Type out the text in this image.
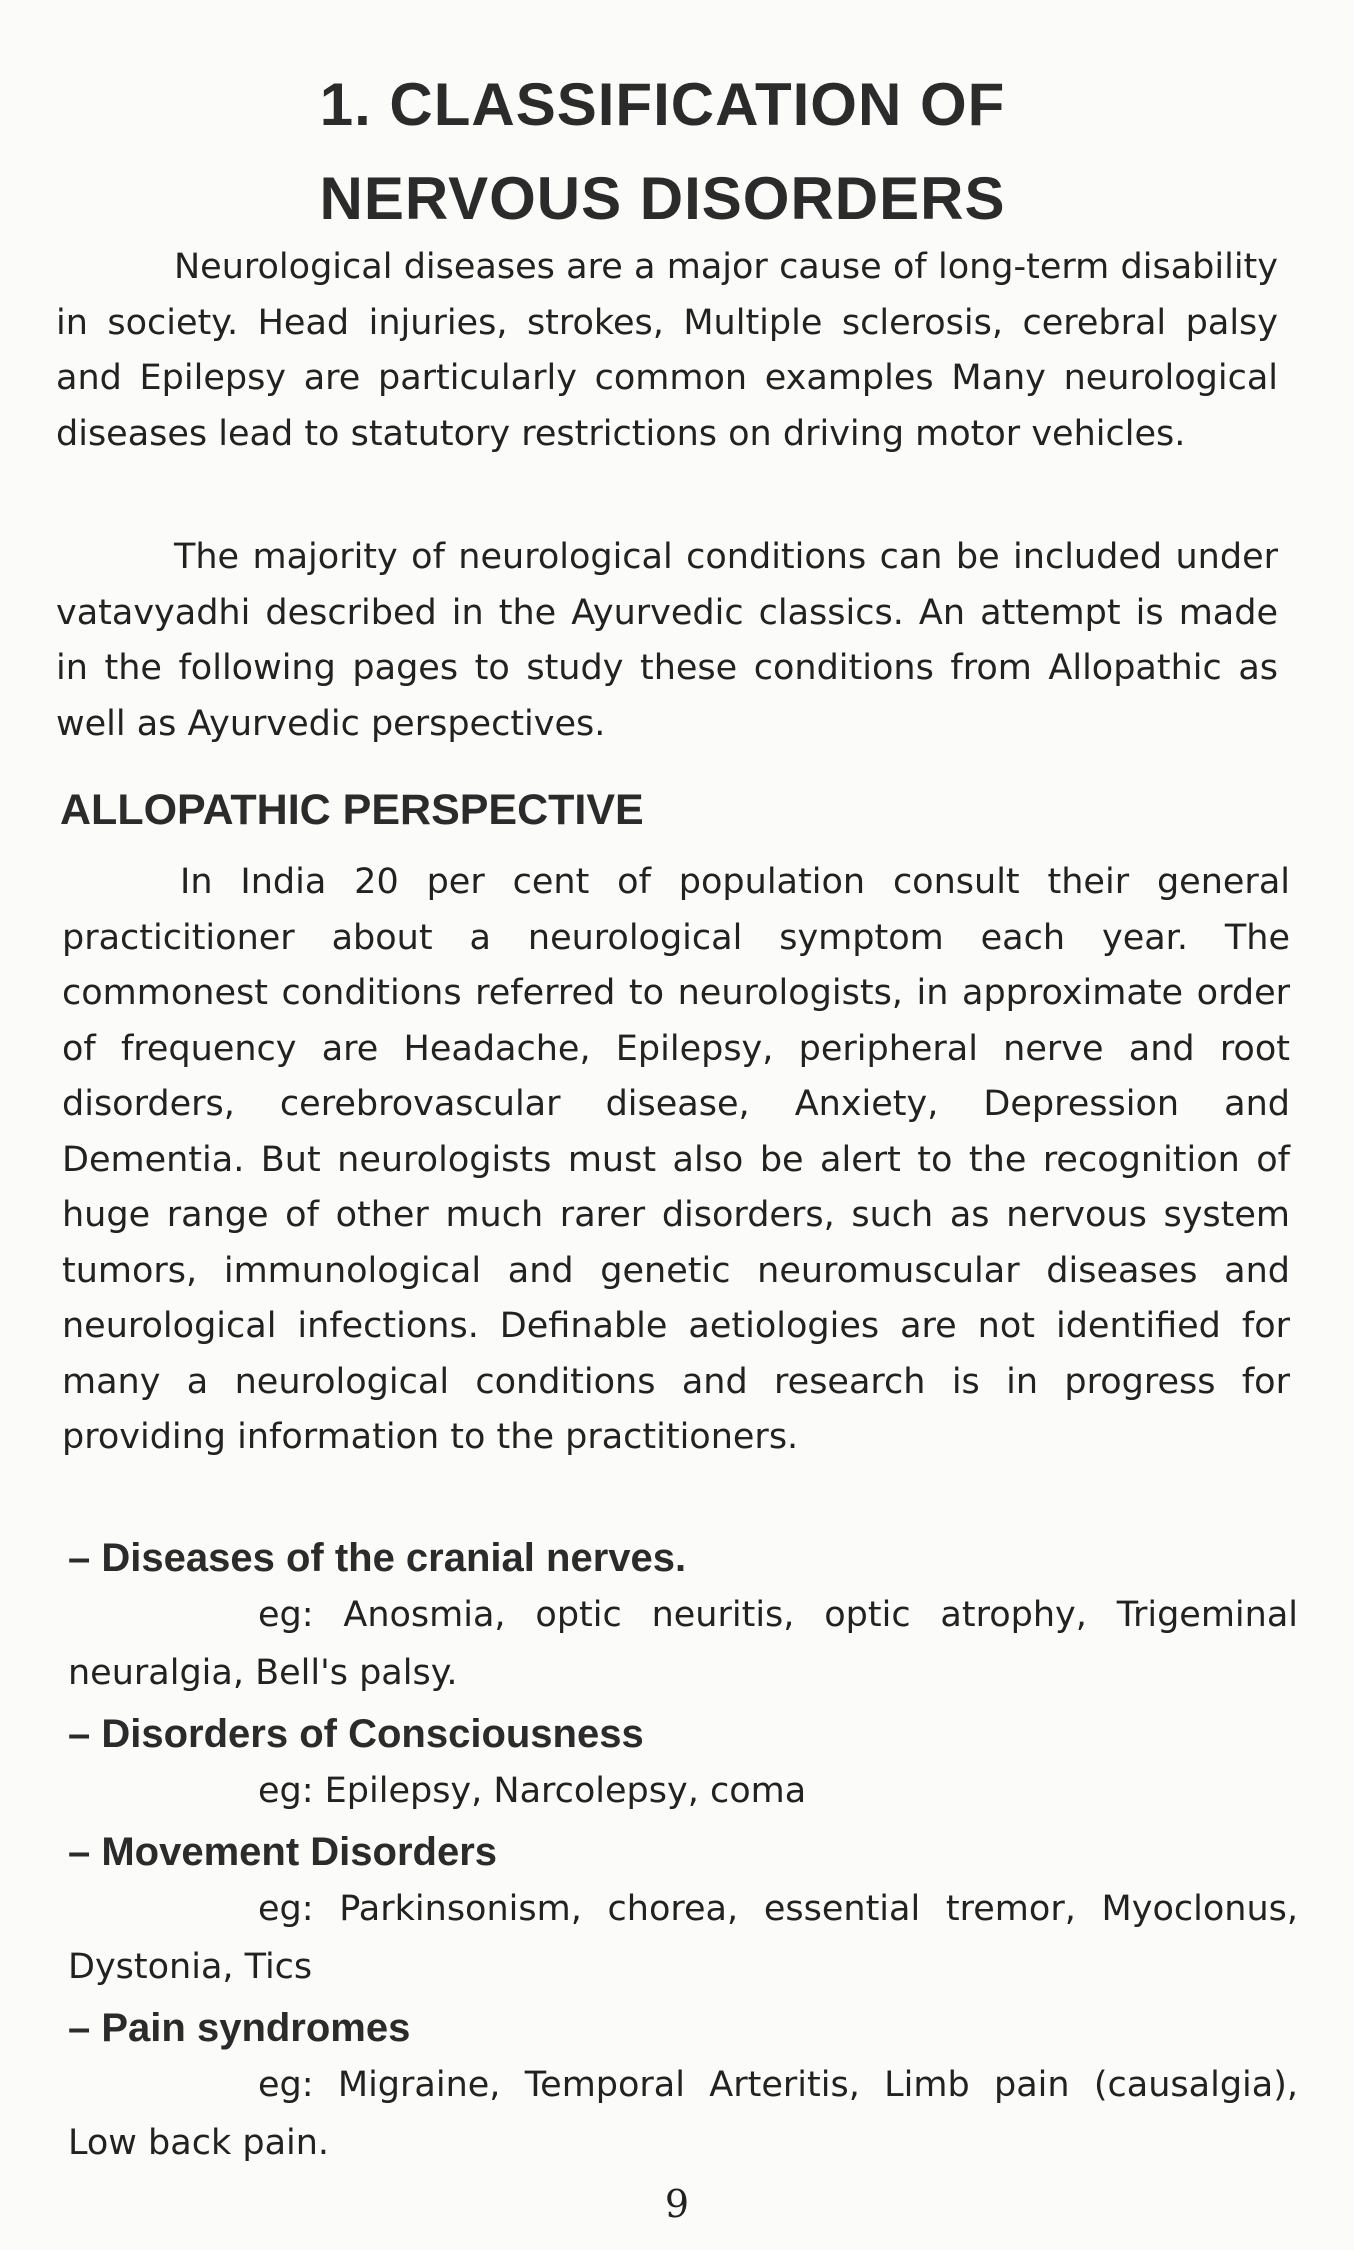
1. CLASSIFICATION OF
NERVOUS DISORDERS

Neurological diseases are a major cause of long-term disability in society. Head injuries, strokes, Multiple sclerosis, cerebral palsy and Epilepsy are particularly common examples Many neurological diseases lead to statutory restrictions on driving motor vehicles.

The majority of neurological conditions can be included under vatavyadhi described in the Ayurvedic classics. An attempt is made in the following pages to study these conditions from Allopathic as well as Ayurvedic perspectives.

ALLOPATHIC PERSPECTIVE

In India 20 per cent of population consult their general practicitioner about a neurological symptom each year. The commonest conditions referred to neurologists, in approximate order of frequency are Headache, Epilepsy, peripheral nerve and root disorders, cerebrovascular disease, Anxiety, Depression and Dementia. But neurologists must also be alert to the recognition of huge range of other much rarer disorders, such as nervous system tumors, immunological and genetic neuromuscular diseases and neurological infections. Definable aetiologies are not identified for many a neurological conditions and research is in progress for providing information to the practitioners.

– Diseases of the cranial nerves.
eg: Anosmia, optic neuritis, optic atrophy, Trigeminal neuralgia, Bell's palsy.
– Disorders of Consciousness
eg: Epilepsy, Narcolepsy, coma
– Movement Disorders
eg: Parkinsonism, chorea, essential tremor, Myoclonus, Dystonia, Tics
– Pain syndromes
eg: Migraine, Temporal Arteritis, Limb pain (causalgia), Low back pain.
9
